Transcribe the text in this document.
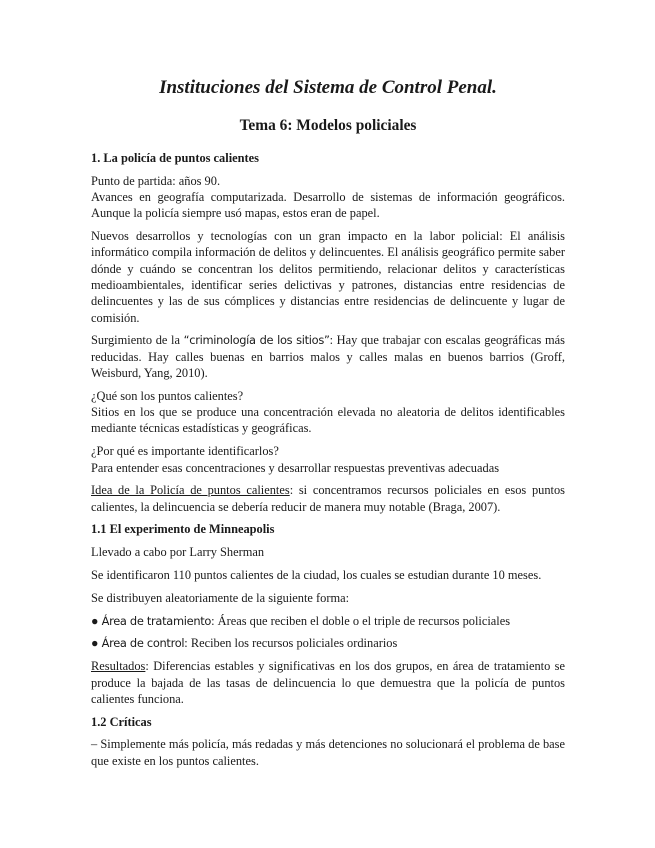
Instituciones del Sistema de Control Penal.
Tema 6: Modelos policiales
1. La policía de puntos calientes

Punto de partida: años 90.

Avances en geografía computarizada. Desarrollo de sistemas de información geográficos. Aunque la policía siempre usó mapas, estos eran de papel.

Nuevos desarrollos y tecnologías con un gran impacto en la labor policial: El análisis informático compila información de delitos y delincuentes. El análisis geográfico permite saber dónde y cuándo se concentran los delitos permitiendo, relacionar delitos y características medioambientales, identificar series delictivas y patrones, distancias entre residencias de delincuentes y las de sus cómplices y distancias entre residencias de delincuente y lugar de comisión.

Surgimiento de la “criminología de los sitios”: Hay que trabajar con escalas geográficas más reducidas. Hay calles buenas en barrios malos y calles malas en buenos barrios (Groff, Weisburd, Yang, 2010).

¿Qué son los puntos calientes?

Sitios en los que se produce una concentración elevada no aleatoria de delitos identificables mediante técnicas estadísticas y geográficas.

¿Por qué es importante identificarlos?

Para entender esas concentraciones y desarrollar respuestas preventivas adecuadas

Idea de la Policía de puntos calientes: si concentramos recursos policiales en esos puntos calientes, la delincuencia se debería reducir de manera muy notable (Braga, 2007).

1.1 El experimento de Minneapolis

Llevado a cabo por Larry Sherman

Se identificaron 110 puntos calientes de la ciudad, los cuales se estudian durante 10 meses.

Se distribuyen aleatoriamente de la siguiente forma:

● Área de tratamiento: Áreas que reciben el doble o el triple de recursos policiales

● Área de control: Reciben los recursos policiales ordinarios

Resultados: Diferencias estables y significativas en los dos grupos, en área de tratamiento se produce la bajada de las tasas de delincuencia lo que demuestra que la policía de puntos calientes funciona.

1.2 Críticas

– Simplemente más policía, más redadas y más detenciones no solucionará el problema de base que existe en los puntos calientes.
